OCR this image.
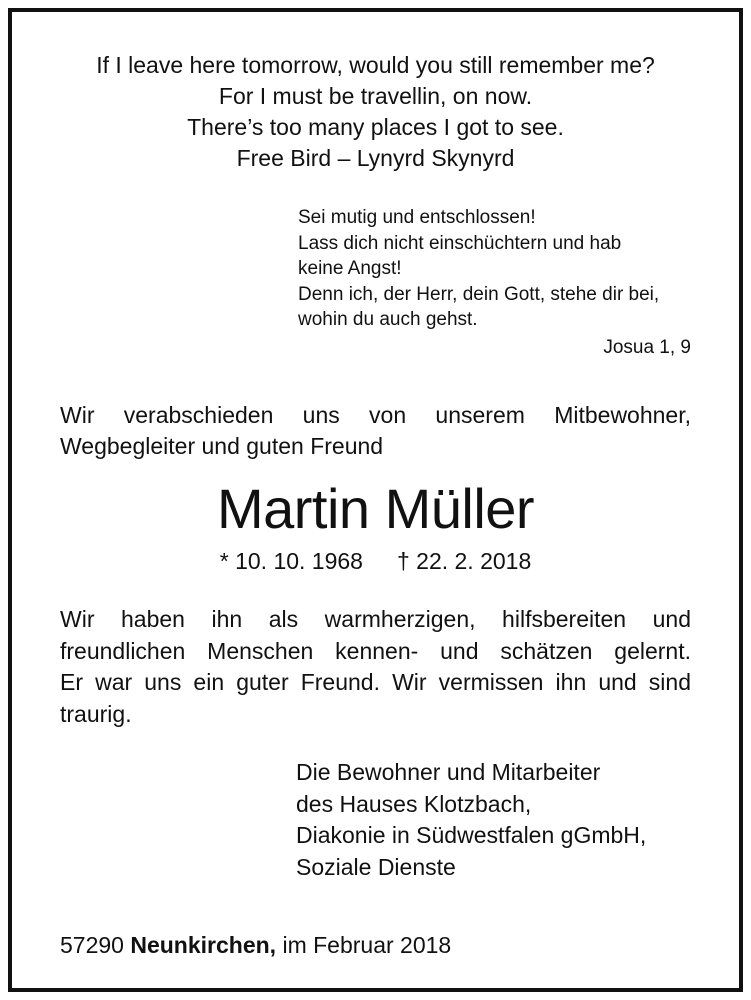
If I leave here tomorrow, would you still remember me?
For I must be travellin, on now.
There’s too many places I got to see.
Free Bird – Lynyrd Skynyrd
Sei mutig und entschlossen!
Lass dich nicht einschüchtern und hab
keine Angst!
Denn ich, der Herr, dein Gott, stehe dir bei,
wohin du auch gehst.
Josua 1, 9
Wir verabschieden uns von unserem Mitbewohner,
Wegbegleiter und guten Freund
Martin Müller
* 10. 10. 1968 † 22. 2. 2018
Wir haben ihn als warmherzigen, hilfsbereiten und
freundlichen Menschen kennen- und schätzen gelernt.
Er war uns ein guter Freund. Wir vermissen ihn und sind
traurig.
Die Bewohner und Mitarbeiter
des Hauses Klotzbach,
Diakonie in Südwestfalen gGmbH,
Soziale Dienste
57290 Neunkirchen, im Februar 2018
